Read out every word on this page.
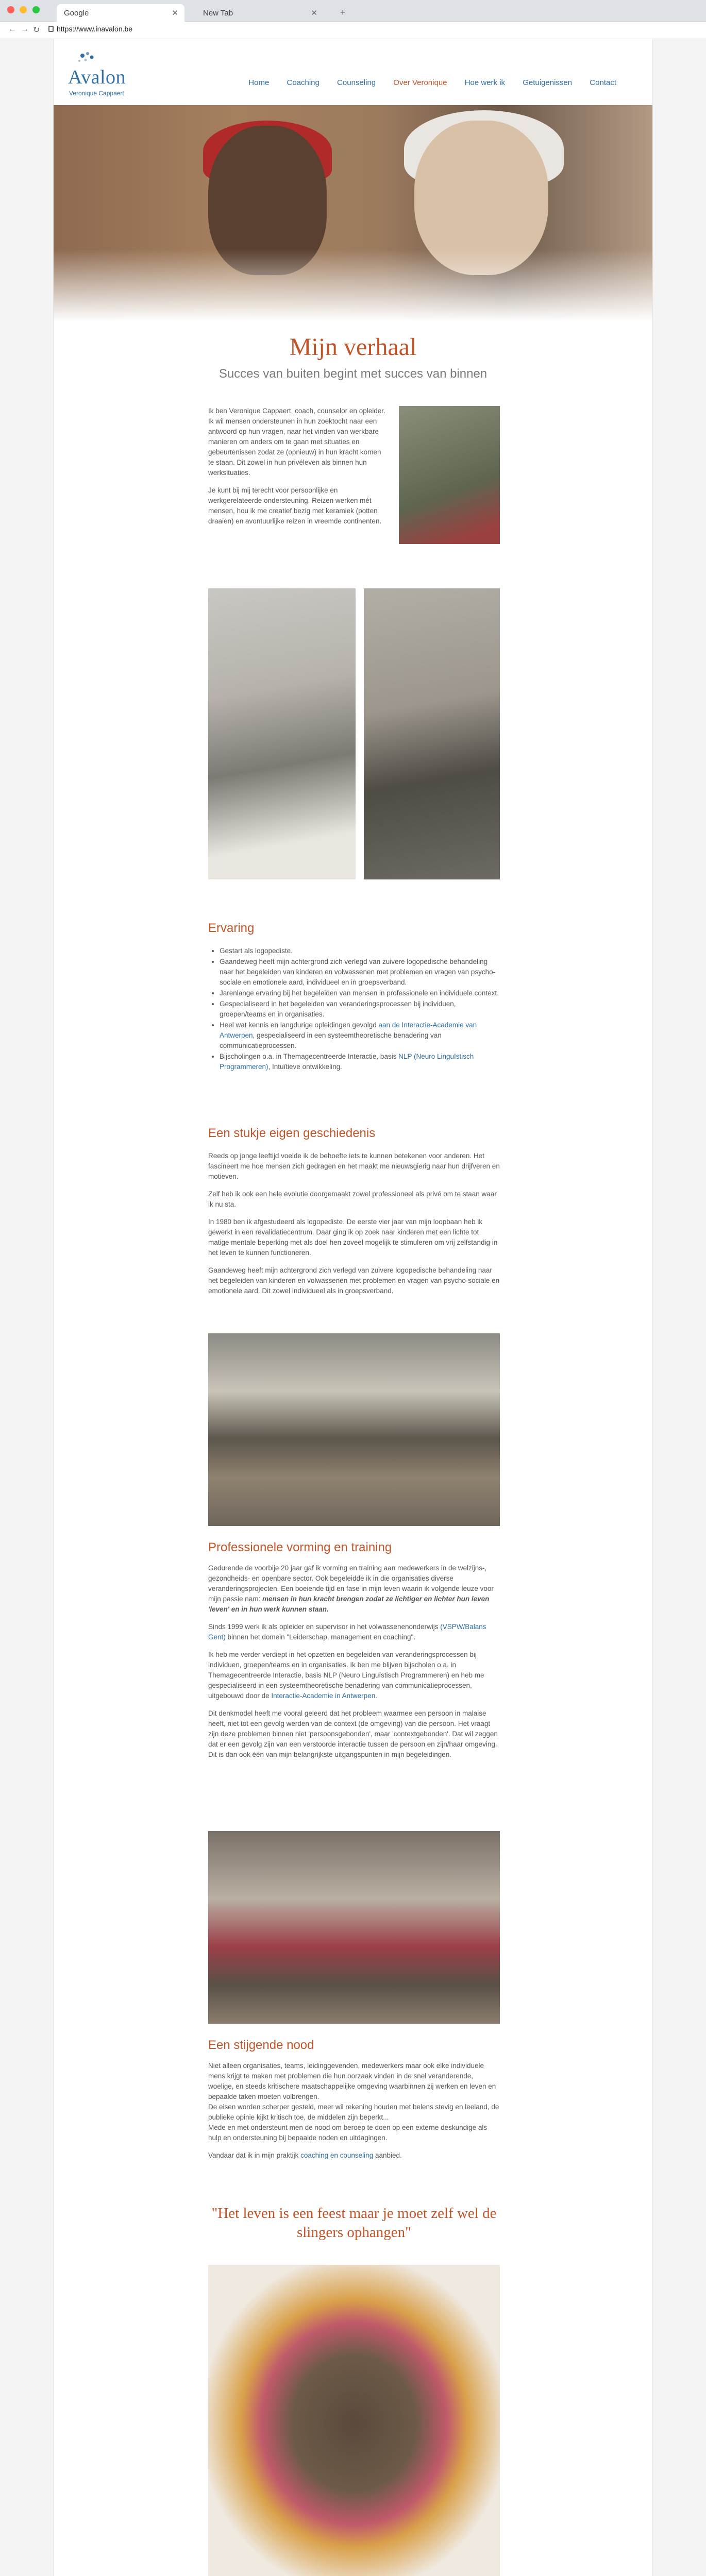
Google	✕	New Tab	✕ +
← → ↻ https://www.inavalon.be
Avalon
Veronique Cappaert
Home Coaching Counseling Over Veronique Hoe werk ik Getuigenissen Contact
Mijn verhaal
Succes van buiten begint met succes van binnen

Ik ben Veronique Cappaert, coach, counselor en opleider. Ik wil mensen ondersteunen in hun zoektocht naar een antwoord op hun vragen, naar het vinden van werkbare manieren om anders om te gaan met situaties en gebeurtenissen zodat ze (opnieuw) in hun kracht komen te staan. Dit zowel in hun privéleven als binnen hun werksituaties.

Je kunt bij mij terecht voor persoonlijke en werkgerelateerde ondersteuning. Reizen werken mét mensen, hou ik me creatief bezig met keramiek (potten draaien) en avontuurlijke reizen in vreemde continenten.

Ervaring
• Gestart als logopediste.
• Gaandeweg heeft mijn achtergrond zich verlegd van zuivere logopedische behandeling naar het begeleiden van kinderen en volwassenen met problemen en vragen van psycho-sociale en emotionele aard, individueel en in groepsverband.
• Jarenlange ervaring bij het begeleiden van mensen in professionele en individuele context.
• Gespecialiseerd in het begeleiden van veranderingsprocessen bij individuen, groepen/teams en in organisaties.
• Heel wat kennis en langdurige opleidingen gevolgd aan de Interactie-Academie van Antwerpen, gespecialiseerd in een systeemtheoretische benadering van communicatieprocessen.
• Bijscholingen o.a. in Themagecentreerde Interactie, basis NLP (Neuro Linguïstisch Programmeren), Intuïtieve ontwikkeling.
Een stukje eigen geschiedenis

Reeds op jonge leeftijd voelde ik de behoefte iets te kunnen betekenen voor anderen. Het fascineert me hoe mensen zich gedragen en het maakt me nieuwsgierig naar hun drijfveren en motieven.

Zelf heb ik ook een hele evolutie doorgemaakt zowel professioneel als privé om te staan waar ik nu sta.

In 1980 ben ik afgestudeerd als logopediste. De eerste vier jaar van mijn loopbaan heb ik gewerkt in een revalidatiecentrum. Daar ging ik op zoek naar kinderen met een lichte tot matige mentale beperking met als doel hen zoveel mogelijk te stimuleren om vrij zelfstandig in het leven te kunnen functioneren.

Gaandeweg heeft mijn achtergrond zich verlegd van zuivere logopedische behandeling naar het begeleiden van kinderen en volwassenen met problemen en vragen van psycho-sociale en emotionele aard. Dit zowel individueel als in groepsverband.

Professionele vorming en training

Gedurende de voorbije 20 jaar gaf ik vorming en training aan medewerkers in de welzijns-, gezondheids- en openbare sector. Ook begeleidde ik in die organisaties diverse veranderingsprojecten. Een boeiende tijd en fase in mijn leven waarin ik volgende leuze voor mijn passie nam: mensen in hun kracht brengen zodat ze lichtiger en lichter hun leven 'leven' en in hun werk kunnen staan.

Sinds 1999 werk ik als opleider en supervisor in het volwassenenonderwijs (VSPW/Balans Gent) binnen het domein "Leiderschap, management en coaching".

Ik heb me verder verdiept in het opzetten en begeleiden van veranderingsprocessen bij individuen, groepen/teams en in organisaties. Ik ben me blijven bijscholen o.a. in Themagecentreerde Interactie, basis NLP (Neuro Linguïstisch Programmeren) en heb me gespecialiseerd in een systeemtheoretische benadering van communicatieprocessen, uitgebouwd door de Interactie-Academie in Antwerpen.

Dit denkmodel heeft me vooral geleerd dat het probleem waarmee een persoon in malaise heeft, niet tot een gevolg werden van de context (de omgeving) van die persoon. Het vraagt zijn deze problemen binnen niet 'persoonsgebonden', maar 'contextgebonden'. Dat wil zeggen dat er een gevolg zijn van een verstoorde interactie tussen de persoon en zijn/haar omgeving. Dit is dan ook één van mijn belangrijkste uitgangspunten in mijn begeleidingen.

Een stijgende nood

Niet alleen organisaties, teams, leidinggevenden, medewerkers maar ook elke individuele mens krijgt te maken met problemen die hun oorzaak vinden in de snel veranderende, woelige, en steeds kritischere maatschappelijke omgeving waarbinnen zij werken en leven en bepaalde taken moeten volbrengen.
De eisen worden scherper gesteld, meer wil rekening houden met belens stevig en leeland, de publieke opinie kijkt kritisch toe, de middelen zijn beperkt...
Mede en met ondersteunt men de nood om beroep te doen op een externe deskundige als hulp en ondersteuning bij bepaalde noden en uitdagingen.

Vandaar dat ik in mijn praktijk coaching en counseling aanbied.

"Het leven is een feest maar je moet zelf wel de slingers ophangen"
